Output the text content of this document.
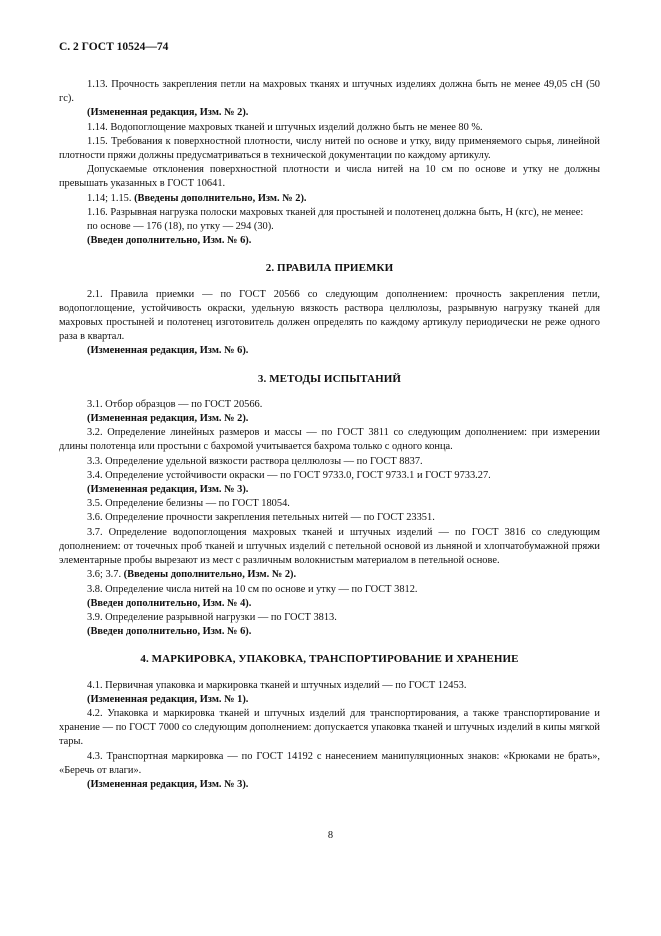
С. 2 ГОСТ 10524—74

1.13. Прочность закрепления петли на махровых тканях и штучных изделиях должна быть не менее 49,05 сН (50 гс).

(Измененная редакция, Изм. № 2).

1.14. Водопоглощение махровых тканей и штучных изделий должно быть не менее 80 %.

1.15. Требования к поверхностной плотности, числу нитей по основе и утку, виду применяемого сырья, линейной плотности пряжи должны предусматриваться в технической документации по каждому артикулу.

Допускаемые отклонения поверхностной плотности и числа нитей на 10 см по основе и утку не должны превышать указанных в ГОСТ 10641.

1.14; 1.15. (Введены дополнительно, Изм. № 2).

1.16. Разрывная нагрузка полоски махровых тканей для простыней и полотенец должна быть, Н (кгс), не менее:

по основе — 176 (18), по утку — 294 (30).

(Введен дополнительно, Изм. № 6).

2. ПРАВИЛА ПРИЕМКИ

2.1. Правила приемки — по ГОСТ 20566 со следующим дополнением: прочность закрепления петли, водопоглощение, устойчивость окраски, удельную вязкость раствора целлюлозы, разрывную нагрузку тканей для махровых простыней и полотенец изготовитель должен определять по каждому артикулу периодически не реже одного раза в квартал.

(Измененная редакция, Изм. № 6).

3. МЕТОДЫ ИСПЫТАНИЙ

3.1. Отбор образцов — по ГОСТ 20566.

(Измененная редакция, Изм. № 2).

3.2. Определение линейных размеров и массы — по ГОСТ 3811 со следующим дополнением: при измерении длины полотенца или простыни с бахромой учитывается бахрома только с одного конца.

3.3. Определение удельной вязкости раствора целлюлозы — по ГОСТ 8837.

3.4. Определение устойчивости окраски — по ГОСТ 9733.0, ГОСТ 9733.1 и ГОСТ 9733.27.

(Измененная редакция, Изм. № 3).

3.5. Определение белизны — по ГОСТ 18054.

3.6. Определение прочности закрепления петельных нитей — по ГОСТ 23351.

3.7. Определение водопоглощения махровых тканей и штучных изделий — по ГОСТ 3816 со следующим дополнением: от точечных проб тканей и штучных изделий с петельной основой из льняной и хлопчатобумажной пряжи элементарные пробы вырезают из мест с различным волокнистым материалом в петельной основе.

3.6; 3.7. (Введены дополнительно, Изм. № 2).

3.8. Определение числа нитей на 10 см по основе и утку — по ГОСТ 3812.

(Введен дополнительно, Изм. № 4).

3.9. Определение разрывной нагрузки — по ГОСТ 3813.

(Введен дополнительно, Изм. № 6).

4. МАРКИРОВКА, УПАКОВКА, ТРАНСПОРТИРОВАНИЕ И ХРАНЕНИЕ

4.1. Первичная упаковка и маркировка тканей и штучных изделий — по ГОСТ 12453.

(Измененная редакция, Изм. № 1).

4.2. Упаковка и маркировка тканей и штучных изделий для транспортирования, а также транспортирование и хранение — по ГОСТ 7000 со следующим дополнением: допускается упаковка тканей и штучных изделий в кипы мягкой тары.

4.3. Транспортная маркировка — по ГОСТ 14192 с нанесением манипуляционных знаков: «Крюками не брать», «Беречь от влаги».

(Измененная редакция, Изм. № 3).

8
